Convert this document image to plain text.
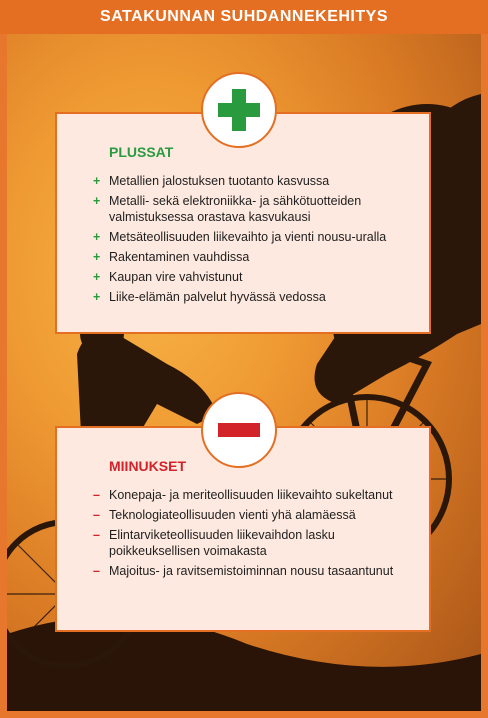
SATAKUNNAN SUHDANNEKEHITYS
PLUSSAT
+ Metallien jalostuksen tuotanto kasvussa
+ Metalli- sekä elektroniikka- ja sähkötuotteiden valmistuksessa orastava kasvukausi
+ Metsäteollisuuden liikevaihto ja vienti nousu-uralla
+ Rakentaminen vauhdissa
+ Kaupan vire vahvistunut
+ Liike-elämän palvelut hyvässä vedossa
MIINUKSET
– Konepaja- ja meriteollisuuden liikevaihto sukeltanut
– Teknologiateollisuuden vienti yhä alamäessä
– Elintarviketeollisuuden liikevaihdon lasku poikkeuksellisen voimakasta
– Majoitus- ja ravitsemistoiminnan nousu tasaantunut
